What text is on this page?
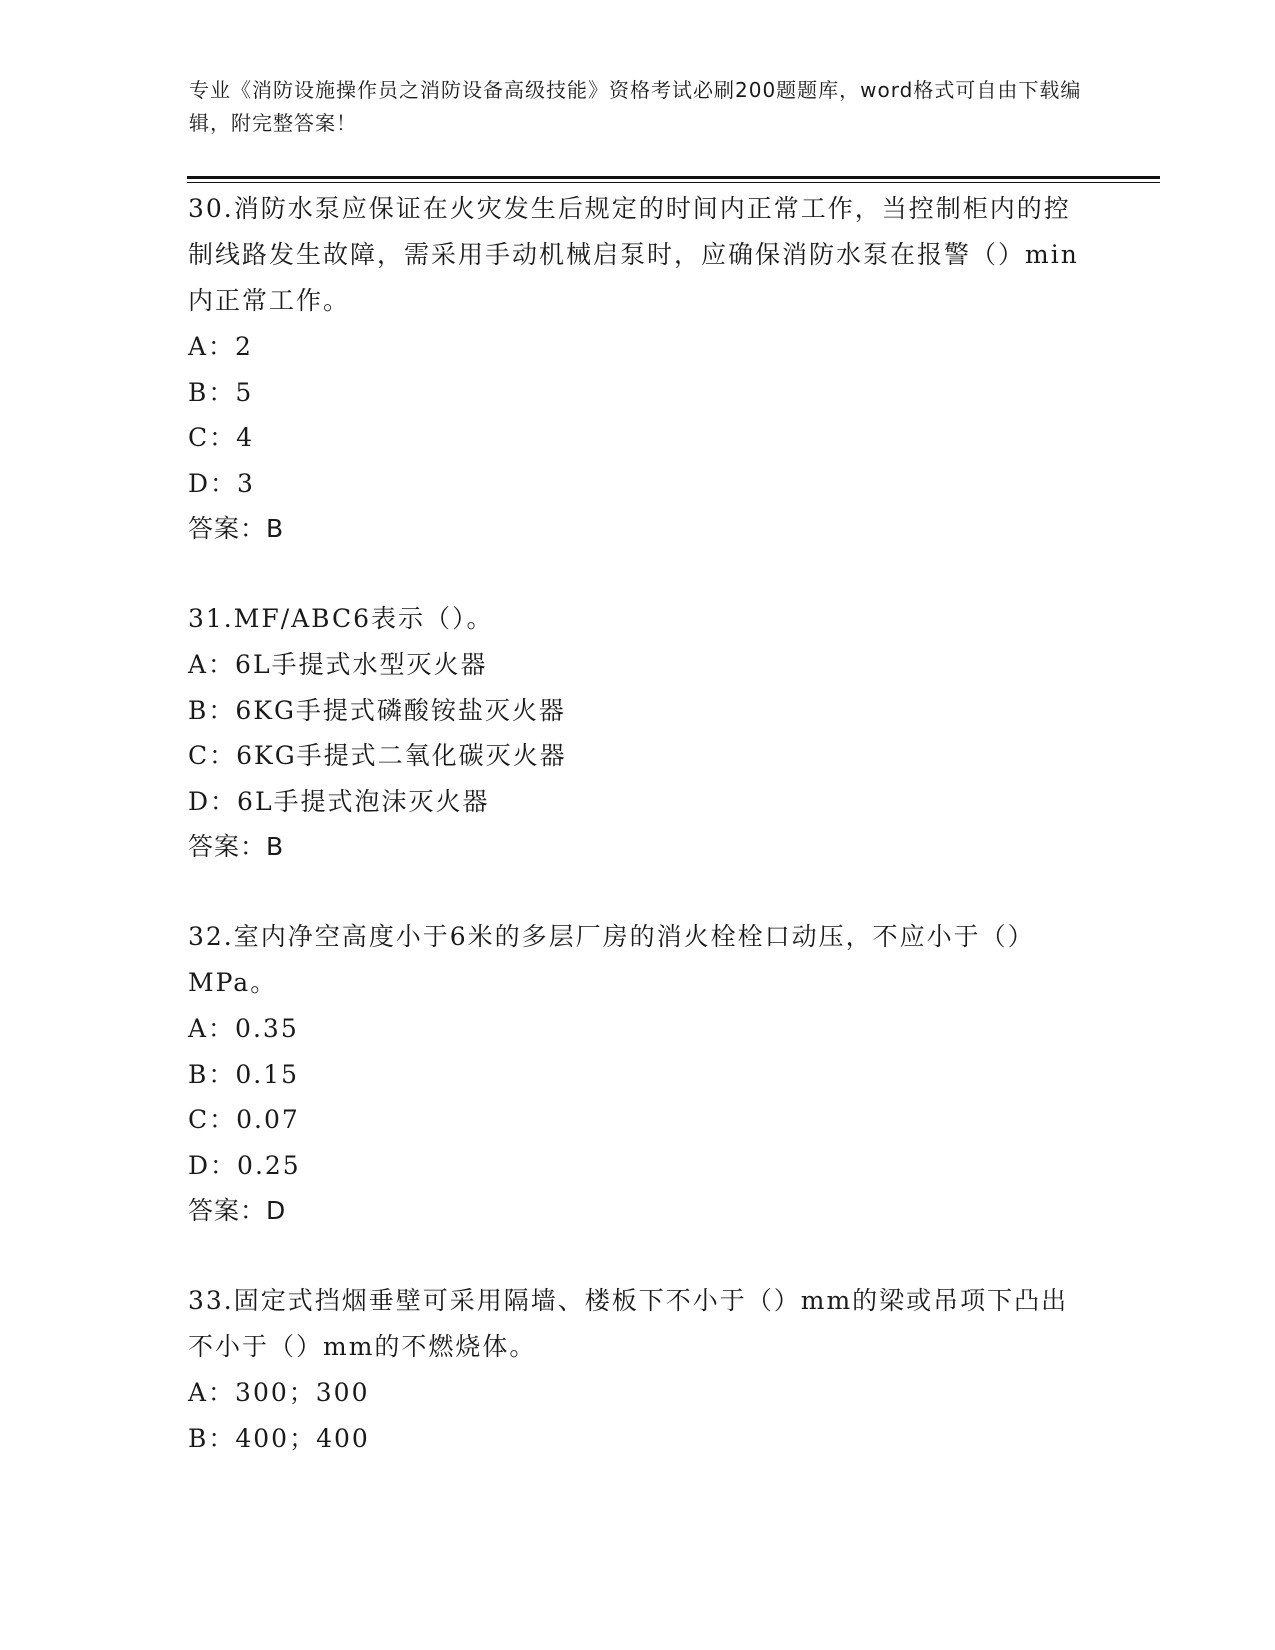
专业《消防设施操作员之消防设备高级技能》资格考试必刷200题题库，word格式可自由下载编辑，附完整答案！
30.消防水泵应保证在火灾发生后规定的时间内正常工作，当控制柜内的控制线路发生故障，需采用手动机械启泵时，应确保消防水泵在报警（）min内正常工作。
A：2
B：5
C：4
D：3
答案：B
31.MF/ABC6表示（）。
A：6L手提式水型灭火器
B：6KG手提式磷酸铵盐灭火器
C：6KG手提式二氧化碳灭火器
D：6L手提式泡沫灭火器
答案：B
32.室内净空高度小于6米的多层厂房的消火栓栓口动压，不应小于（）MPa。
A：0.35
B：0.15
C：0.07
D：0.25
答案：D
33.固定式挡烟垂壁可采用隔墙、楼板下不小于（）mm的梁或吊项下凸出不小于（）mm的不燃烧体。
A：300；300
B：400；400
